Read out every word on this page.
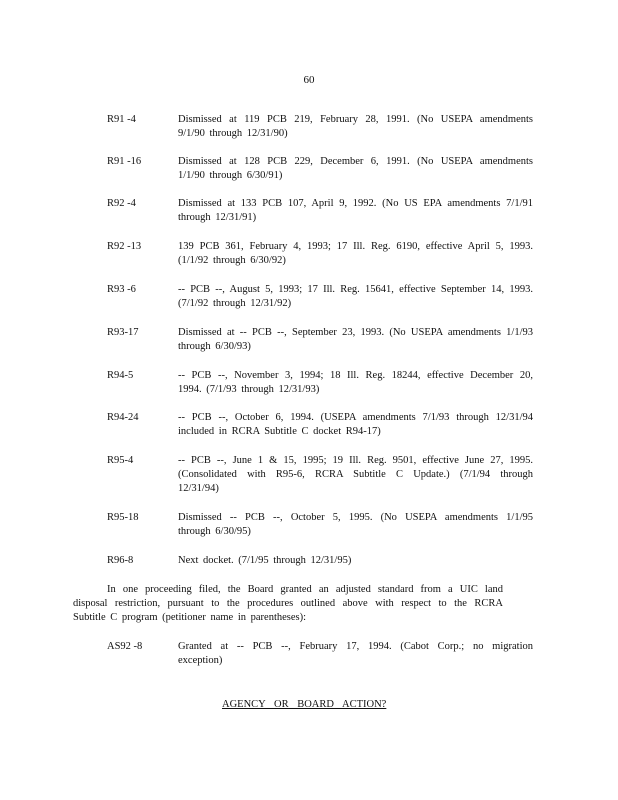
60
R91 -4	Dismissed at 119 PCB 219, February 28, 1991. (No USEPA amendments 9/1/90 through 12/31/90)
R91 -16	Dismissed at 128 PCB 229, December 6, 1991. (No USEPA amendments 1/1/90 through 6/30/91)
R92 -4	Dismissed at 133 PCB 107, April 9, 1992. (No US EPA amendments 7/1/91 through 12/31/91)
R92 -13	139 PCB 361, February 4, 1993; 17 Ill. Reg. 6190, effective April 5, 1993. (1/1/92 through 6/30/92)
R93 -6	-- PCB --, August 5, 1993; 17 Ill. Reg. 15641, effective September 14, 1993. (7/1/92 through 12/31/92)
R93-17	Dismissed at -- PCB --, September 23, 1993. (No USEPA amendments 1/1/93 through 6/30/93)
R94-5	-- PCB --, November 3, 1994; 18 Ill. Reg. 18244, effective December 20, 1994. (7/1/93 through 12/31/93)
R94-24	-- PCB --, October 6, 1994. (USEPA amendments 7/1/93 through 12/31/94 included in RCRA Subtitle C docket R94-17)
R95-4	-- PCB --, June 1 & 15, 1995; 19 Ill. Reg. 9501, effective June 27, 1995. (Consolidated with R95-6, RCRA Subtitle C Update.) (7/1/94 through 12/31/94)
R95-18	Dismissed -- PCB --, October 5, 1995. (No USEPA amendments 1/1/95 through 6/30/95)
R96-8	Next docket. (7/1/95 through 12/31/95)
In one proceeding filed, the Board granted an adjusted standard from a UIC land disposal restriction, pursuant to the procedures outlined above with respect to the RCRA Subtitle C program (petitioner name in parentheses):
AS92 -8	Granted at -- PCB --, February 17, 1994. (Cabot Corp.; no migration exception)
AGENCY OR BOARD ACTION?
